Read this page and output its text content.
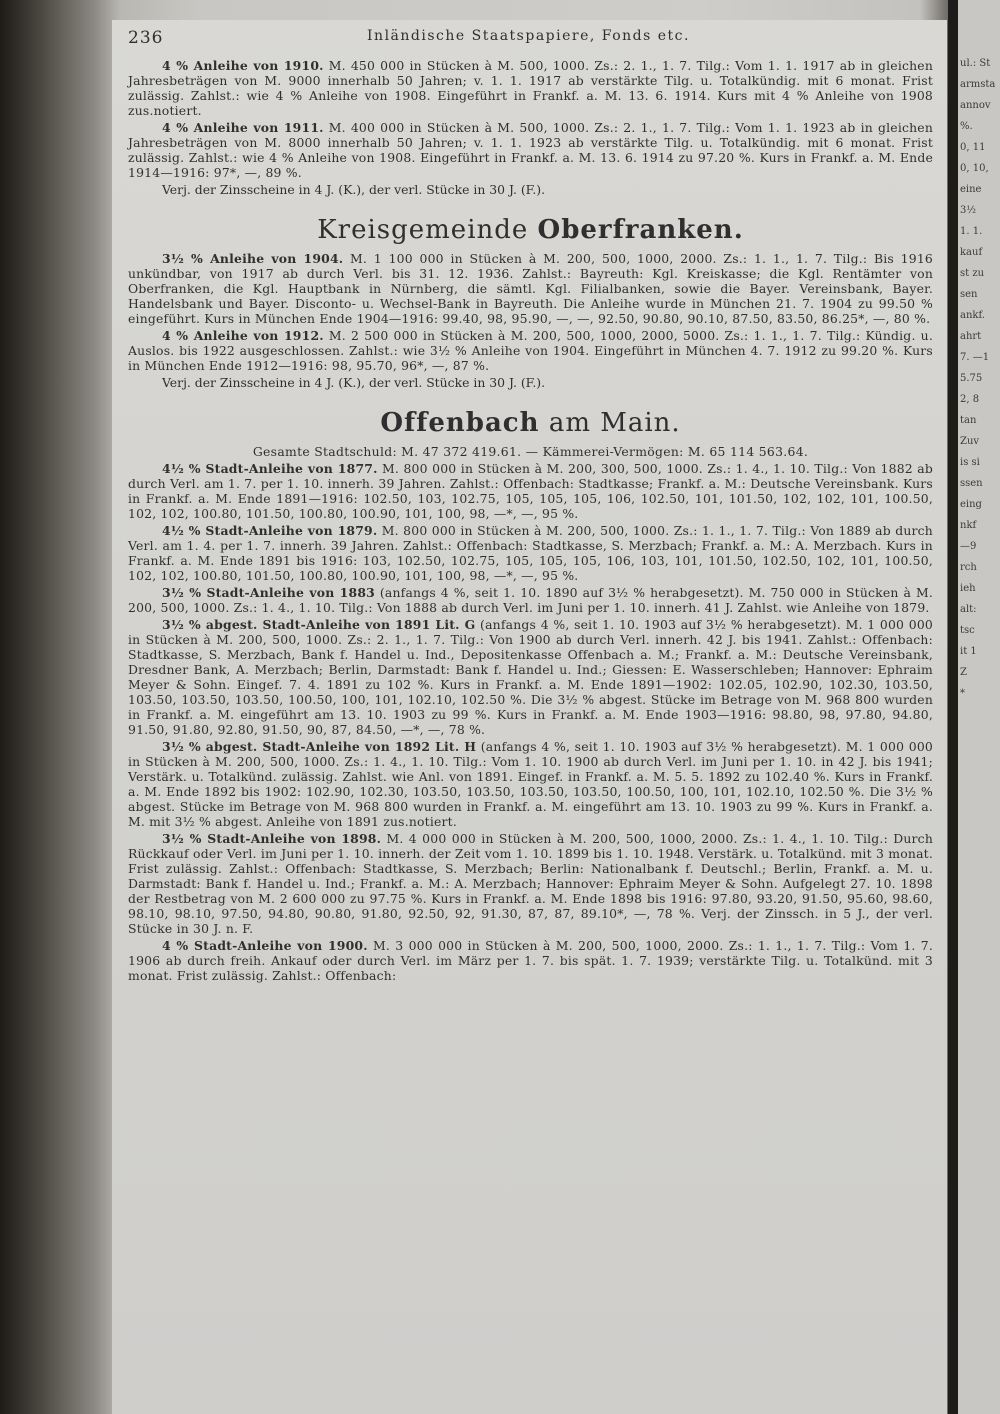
236	Inländische Staatspapiere, Fonds etc.

4 % Anleihe von 1910. M. 450 000 in Stücken à M. 500, 1000. Zs.: 2. 1., 1. 7. Tilg.: Vom 1. 1. 1917 ab in gleichen Jahresbeträgen von M. 9000 innerhalb 50 Jahren; v. 1. 1. 1917 ab verstärkte Tilg. u. Totalkündig. mit 6 monat. Frist zulässig. Zahlst.: wie 4 % Anleihe von 1908. Eingeführt in Frankf. a. M. 13. 6. 1914. Kurs mit 4 % Anleihe von 1908 zus.notiert.

4 % Anleihe von 1911. M. 400 000 in Stücken à M. 500, 1000. Zs.: 2. 1., 1. 7. Tilg.: Vom 1. 1. 1923 ab in gleichen Jahresbeträgen von M. 8000 innerhalb 50 Jahren; v. 1. 1. 1923 ab verstärkte Tilg. u. Totalkündig. mit 6 monat. Frist zulässig. Zahlst.: wie 4 % Anleihe von 1908. Eingeführt in Frankf. a. M. 13. 6. 1914 zu 97.20 %. Kurs in Frankf. a. M. Ende 1914—1916: 97*, —, 89 %.

Verj. der Zinsscheine in 4 J. (K.), der verl. Stücke in 30 J. (F.).

Kreisgemeinde Oberfranken.

3½ % Anleihe von 1904. M. 1 100 000 in Stücken à M. 200, 500, 1000, 2000. Zs.: 1. 1., 1. 7. Tilg.: Bis 1916 unkündbar, von 1917 ab durch Verl. bis 31. 12. 1936. Zahlst.: Bayreuth: Kgl. Kreiskasse; die Kgl. Rentämter von Oberfranken, die Kgl. Hauptbank in Nürnberg, die sämtl. Kgl. Filialbanken, sowie die Bayer. Vereinsbank, Bayer. Handelsbank und Bayer. Disconto- u. Wechsel-Bank in Bayreuth. Die Anleihe wurde in München 21. 7. 1904 zu 99.50 % eingeführt. Kurs in München Ende 1904—1916: 99.40, 98, 95.90, —, —, 92.50, 90.80, 90.10, 87.50, 83.50, 86.25*, —, 80 %.

4 % Anleihe von 1912. M. 2 500 000 in Stücken à M. 200, 500, 1000, 2000, 5000. Zs.: 1. 1., 1. 7. Tilg.: Kündig. u. Auslos. bis 1922 ausgeschlossen. Zahlst.: wie 3½ % Anleihe von 1904. Eingeführt in München 4. 7. 1912 zu 99.20 %. Kurs in München Ende 1912—1916: 98, 95.70, 96*, —, 87 %.

Verj. der Zinsscheine in 4 J. (K.), der verl. Stücke in 30 J. (F.).

Offenbach am Main.

Gesamte Stadtschuld: M. 47 372 419.61. — Kämmerei-Vermögen: M. 65 114 563.64.

4½ % Stadt-Anleihe von 1877. M. 800 000 in Stücken à M. 200, 300, 500, 1000. Zs.: 1. 4., 1. 10. Tilg.: Von 1882 ab durch Verl. am 1. 7. per 1. 10. innerh. 39 Jahren. Zahlst.: Offenbach: Stadtkasse; Frankf. a. M.: Deutsche Vereinsbank. Kurs in Frankf. a. M. Ende 1891—1916: 102.50, 103, 102.75, 105, 105, 105, 106, 102.50, 101, 101.50, 102, 102, 101, 100.50, 102, 102, 100.80, 101.50, 100.80, 100.90, 101, 100, 98, —*, —, 95 %.

4½ % Stadt-Anleihe von 1879. M. 800 000 in Stücken à M. 200, 500, 1000. Zs.: 1. 1., 1. 7. Tilg.: Von 1889 ab durch Verl. am 1. 4. per 1. 7. innerh. 39 Jahren. Zahlst.: Offenbach: Stadtkasse, S. Merzbach; Frankf. a. M.: A. Merzbach. Kurs in Frankf. a. M. Ende 1891 bis 1916: 103, 102.50, 102.75, 105, 105, 105, 106, 103, 101, 101.50, 102.50, 102, 101, 100.50, 102, 102, 100.80, 101.50, 100.80, 100.90, 101, 100, 98, —*, —, 95 %.

3½ % Stadt-Anleihe von 1883 (anfangs 4 %, seit 1. 10. 1890 auf 3½ % herabgesetzt). M. 750 000 in Stücken à M. 200, 500, 1000. Zs.: 1. 4., 1. 10. Tilg.: Von 1888 ab durch Verl. im Juni per 1. 10. innerh. 41 J. Zahlst. wie Anleihe von 1879.

3½ % abgest. Stadt-Anleihe von 1891 Lit. G (anfangs 4 %, seit 1. 10. 1903 auf 3½ % herabgesetzt). M. 1 000 000 in Stücken à M. 200, 500, 1000. Zs.: 2. 1., 1. 7. Tilg.: Von 1900 ab durch Verl. innerh. 42 J. bis 1941. Zahlst.: Offenbach: Stadtkasse, S. Merzbach, Bank f. Handel u. Ind., Depositenkasse Offenbach a. M.; Frankf. a. M.: Deutsche Vereinsbank, Dresdner Bank, A. Merzbach; Berlin, Darmstadt: Bank f. Handel u. Ind.; Giessen: E. Wasserschleben; Hannover: Ephraim Meyer & Sohn. Eingef. 7. 4. 1891 zu 102 %. Kurs in Frankf. a. M. Ende 1891—1902: 102.05, 102.90, 102.30, 103.50, 103.50, 103.50, 103.50, 100.50, 100, 101, 102.10, 102.50 %. Die 3½ % abgest. Stücke im Betrage von M. 968 800 wurden in Frankf. a. M. eingeführt am 13. 10. 1903 zu 99 %. Kurs in Frankf. a. M. Ende 1903—1916: 98.80, 98, 97.80, 94.80, 91.50, 91.80, 92.80, 91.50, 90, 87, 84.50, —*, —, 78 %.

3½ % abgest. Stadt-Anleihe von 1892 Lit. H (anfangs 4 %, seit 1. 10. 1903 auf 3½ % herabgesetzt). M. 1 000 000 in Stücken à M. 200, 500, 1000. Zs.: 1. 4., 1. 10. Tilg.: Vom 1. 10. 1900 ab durch Verl. im Juni per 1. 10. in 42 J. bis 1941; Verstärk. u. Totalkünd. zulässig. Zahlst. wie Anl. von 1891. Eingef. in Frankf. a. M. 5. 5. 1892 zu 102.40 %. Kurs in Frankf. a. M. Ende 1892 bis 1902: 102.90, 102.30, 103.50, 103.50, 103.50, 103.50, 100.50, 100, 101, 102.10, 102.50 %. Die 3½ % abgest. Stücke im Betrage von M. 968 800 wurden in Frankf. a. M. eingeführt am 13. 10. 1903 zu 99 %. Kurs in Frankf. a. M. mit 3½ % abgest. Anleihe von 1891 zus.notiert.

3½ % Stadt-Anleihe von 1898. M. 4 000 000 in Stücken à M. 200, 500, 1000, 2000. Zs.: 1. 4., 1. 10. Tilg.: Durch Rückkauf oder Verl. im Juni per 1. 10. innerh. der Zeit vom 1. 10. 1899 bis 1. 10. 1948. Verstärk. u. Totalkünd. mit 3 monat. Frist zulässig. Zahlst.: Offenbach: Stadtkasse, S. Merzbach; Berlin: Nationalbank f. Deutschl.; Berlin, Frankf. a. M. u. Darmstadt: Bank f. Handel u. Ind.; Frankf. a. M.: A. Merzbach; Hannover: Ephraim Meyer & Sohn. Aufgelegt 27. 10. 1898 der Restbetrag von M. 2 600 000 zu 97.75 %. Kurs in Frankf. a. M. Ende 1898 bis 1916: 97.80, 93.20, 91.50, 95.60, 98.60, 98.10, 98.10, 97.50, 94.80, 90.80, 91.80, 92.50, 92, 91.30, 87, 87, 89.10*, —, 78 %. Verj. der Zinssch. in 5 J., der verl. Stücke in 30 J. n. F.

4 % Stadt-Anleihe von 1900. M. 3 000 000 in Stücken à M. 200, 500, 1000, 2000. Zs.: 1. 1., 1. 7. Tilg.: Vom 1. 7. 1906 ab durch freih. Ankauf oder durch Verl. im März per 1. 7. bis spät. 1. 7. 1939; verstärkte Tilg. u. Totalkünd. mit 3 monat. Frist zulässig. Zahlst.: Offenbach:

ul.: St
armsta
annov
%.
0, 11
0, 10,
eine
3½
1. 1.
kauf
st zu
sen
ankf.
ahrt
7. —1
5.75
2, 8
tan
Zuv
is si
ssen
eing
nkf
—9
rch
ieh
alt:
tsc
it 1
Z
*
